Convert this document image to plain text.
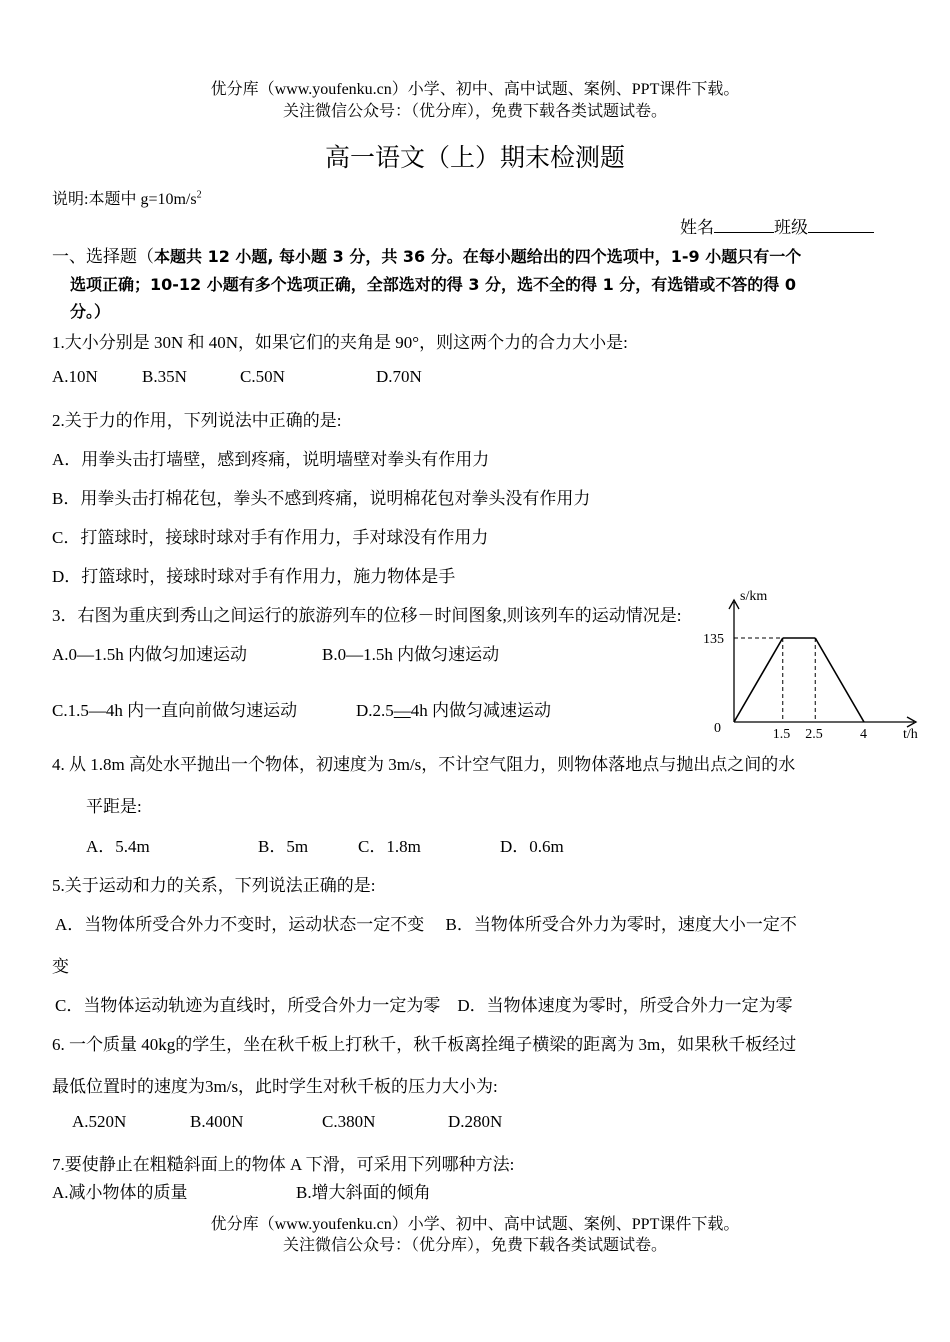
优分库（www.youfenku.cn）小学、初中、高中试题、案例、PPT课件下载。
关注微信公众号：（优分库），免费下载各类试题试卷。
高一语文（上）期末检测题
说明:本题中 $g=10m/s^2$
姓名	班级
一、选择题（本题共 12 小题, 每小题 3 分，共 36 分。在每小题给出的四个选项中，1-9 小题只有一个
选项正确；10-12 小题有多个选项正确，全部选对的得 3 分，选不全的得 1 分，有选错或不答的得 0
分。）
1.大小分别是 30N 和 40N，如果它们的夹角是 90°，则这两个力的合力大小是:
A.10N	B.35N	C.50N	D.70N
2.关于力的作用，下列说法中正确的是:
A．用拳头击打墙壁，感到疼痛，说明墙壁对拳头有作用力
B．用拳头击打棉花包，拳头不感到疼痛，说明棉花包对拳头没有作用力
C．打篮球时，接球时球对手有作用力，手对球没有作用力
D．打篮球时，接球时球对手有作用力，施力物体是手
3．右图为重庆到秀山之间运行的旅游列车的位移－时间图象,则该列车的运动情况是:
A.0—1.5h 内做匀加速运动	B.0—1.5h 内做匀速运动
C.1.5—4h 内一直向前做匀速运动	D.2.5—4h 内做匀减速运动
s/km
t/h
0
135
1.5 2.5	4
4. 从 1.8m 高处水平抛出一个物体，初速度为 3m/s，不计空气阻力，则物体落地点与抛出点之间的水
平距是:
A．5.4m	B．5m	C．1.8m	D．0.6m
5.关于运动和力的关系，下列说法正确的是:
A．当物体所受合外力不变时，运动状态一定不变     B．当物体所受合外力为零时，速度大小一定不
变
C．当物体运动轨迹为直线时，所受合外力一定为零    D．当物体速度为零时，所受合外力一定为零
6. 一个质量 40kg的学生，坐在秋千板上打秋千，秋千板离拴绳子横梁的距离为 3m，如果秋千板经过
最低位置时的速度为3m/s，此时学生对秋千板的压力大小为:
A.520N	B.400N	C.380N	D.280N
7.要使静止在粗糙斜面上的物体 A 下滑，可采用下列哪种方法:
A.减小物体的质量	B.增大斜面的倾角
优分库（www.youfenku.cn）小学、初中、高中试题、案例、PPT课件下载。
关注微信公众号：（优分库），免费下载各类试题试卷。
